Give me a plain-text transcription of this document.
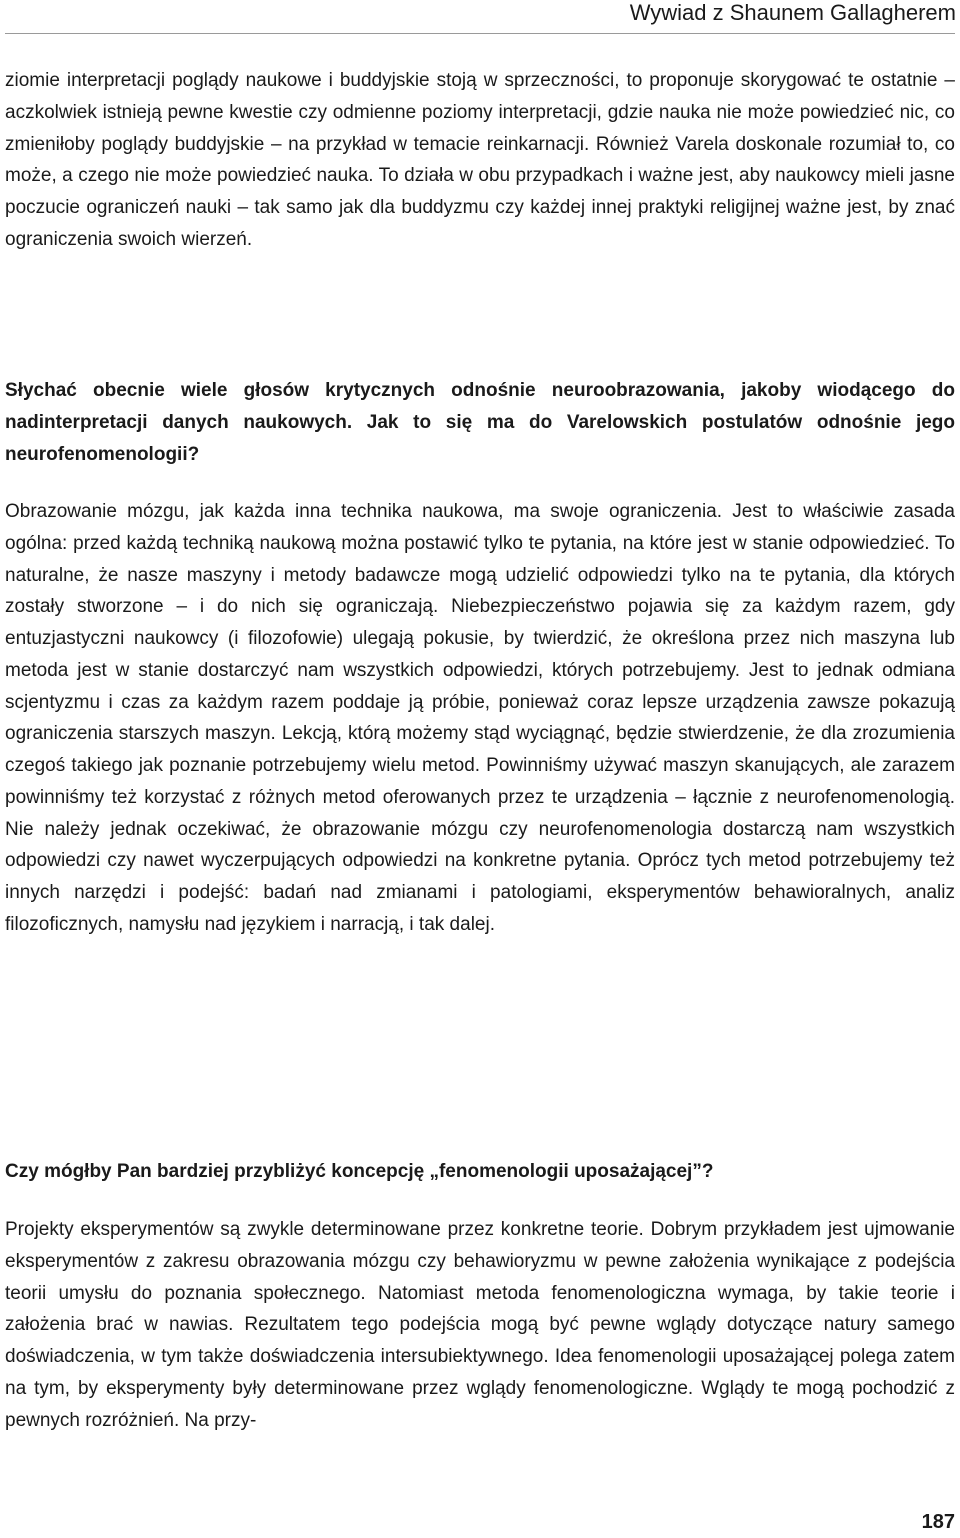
Wywiad z Shaunem Gallagherem

ziomie interpretacji poglądy naukowe i buddyjskie stoją w sprzeczności, to proponuje skorygować te ostatnie – aczkolwiek istnieją pewne kwestie czy odmienne poziomy interpretacji, gdzie nauka nie może powiedzieć nic, co zmieniłoby poglądy buddyjskie – na przykład w temacie reinkarnacji. Również Varela doskonale rozumiał to, co może, a czego nie może powiedzieć nauka. To działa w obu przypadkach i ważne jest, aby naukowcy mieli jasne poczucie ograniczeń nauki – tak samo jak dla buddyzmu czy każdej innej praktyki religijnej ważne jest, by znać ograniczenia swoich wierzeń.

Słychać obecnie wiele głosów krytycznych odnośnie neuroobrazowania, jakoby wiodącego do nadinterpretacji danych naukowych. Jak to się ma do Varelowskich postulatów odnośnie jego neurofenomenologii?

Obrazowanie mózgu, jak każda inna technika naukowa, ma swoje ograniczenia. Jest to właściwie zasada ogólna: przed każdą techniką naukową można postawić tylko te pytania, na które jest w stanie odpowiedzieć. To naturalne, że nasze maszyny i metody badawcze mogą udzielić odpowiedzi tylko na te pytania, dla których zostały stworzone – i do nich się ograniczają. Niebezpieczeństwo pojawia się za każdym razem, gdy entuzjastyczni naukowcy (i filozofowie) ulegają pokusie, by twierdzić, że określona przez nich maszyna lub metoda jest w stanie dostarczyć nam wszystkich odpowiedzi, których potrzebujemy. Jest to jednak odmiana scjentyzmu i czas za każdym razem poddaje ją próbie, ponieważ coraz lepsze urządzenia zawsze pokazują ograniczenia starszych maszyn. Lekcją, którą możemy stąd wyciągnąć, będzie stwierdzenie, że dla zrozumienia czegoś takiego jak poznanie potrzebujemy wielu metod. Powinniśmy używać maszyn skanujących, ale zarazem powinniśmy też korzystać z różnych metod oferowanych przez te urządzenia – łącznie z neurofenomenologią. Nie należy jednak oczekiwać, że obrazowanie mózgu czy neurofenomenologia dostarczą nam wszystkich odpowiedzi czy nawet wyczerpujących odpowiedzi na konkretne pytania. Oprócz tych metod potrzebujemy też innych narzędzi i podejść: badań nad zmianami i patologiami, eksperymentów behawioralnych, analiz filozoficznych, namysłu nad językiem i narracją, i tak dalej.

Czy mógłby Pan bardziej przybliżyć koncepcję „fenomenologii uposażającej”?

Projekty eksperymentów są zwykle determinowane przez konkretne teorie. Dobrym przykładem jest ujmowanie eksperymentów z zakresu obrazowania mózgu czy behawioryzmu w pewne założenia wynikające z podejścia teorii umysłu do poznania społecznego. Natomiast metoda fenomenologiczna wymaga, by takie teorie i założenia brać w nawias. Rezultatem tego podejścia mogą być pewne wglądy dotyczące natury samego doświadczenia, w tym także doświadczenia intersubiektywnego. Idea fenomenologii uposażającej polega zatem na tym, by eksperymenty były determinowane przez wglądy fenomenologiczne. Wglądy te mogą pochodzić z pewnych rozróżnień. Na przy-

187
